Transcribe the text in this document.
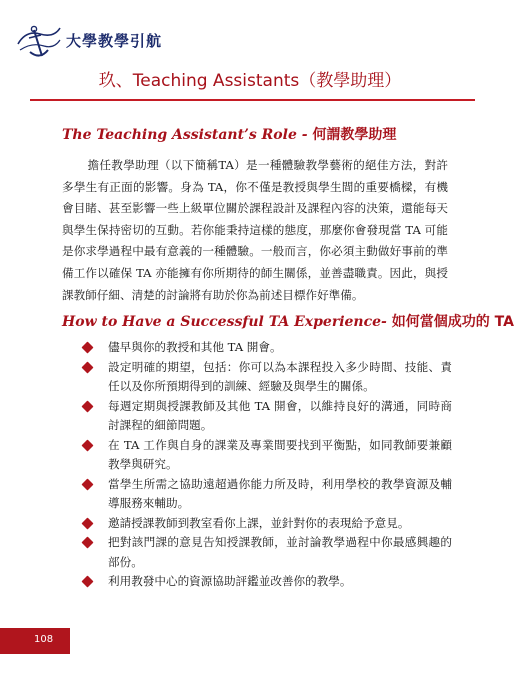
大學教學引航
玖、Teaching Assistants（教學助理）
The Teaching Assistant’s Role - 何謂教學助理
擔任教學助理（以下簡稱TA）是一種體驗教學藝術的絕佳方法，對許多學生有正面的影響。身為 TA，你不僅是教授與學生間的重要橋樑，有機會目睹、甚至影響一些上級單位關於課程設計及課程內容的決策，還能每天與學生保持密切的互動。若你能秉持這樣的態度，那麼你會發現當 TA 可能是你求學過程中最有意義的一種體驗。一般而言，你必須主動做好事前的準備工作以確保 TA 亦能擁有你所期待的師生關係，並善盡職責。因此，與授課教師仔細、清楚的討論將有助於你為前述目標作好準備。
How to Have a Successful TA Experience- 如何當個成功的 TA
儘早與你的教授和其他 TA 開會。
設定明確的期望，包括：你可以為本課程投入多少時間、技能、責任以及你所預期得到的訓練、經驗及與學生的關係。
每週定期與授課教師及其他 TA 開會，以維持良好的溝通，同時商討課程的細節問題。
在 TA 工作與自身的課業及專業間要找到平衡點，如同教師要兼顧教學與研究。
當學生所需之協助遠超過你能力所及時，利用學校的教學資源及輔導服務來輔助。
邀請授課教師到教室看你上課，並針對你的表現給予意見。
把對該門課的意見告知授課教師，並討論教學過程中你最感興趣的部份。
利用教發中心的資源協助評鑑並改善你的教學。
108
